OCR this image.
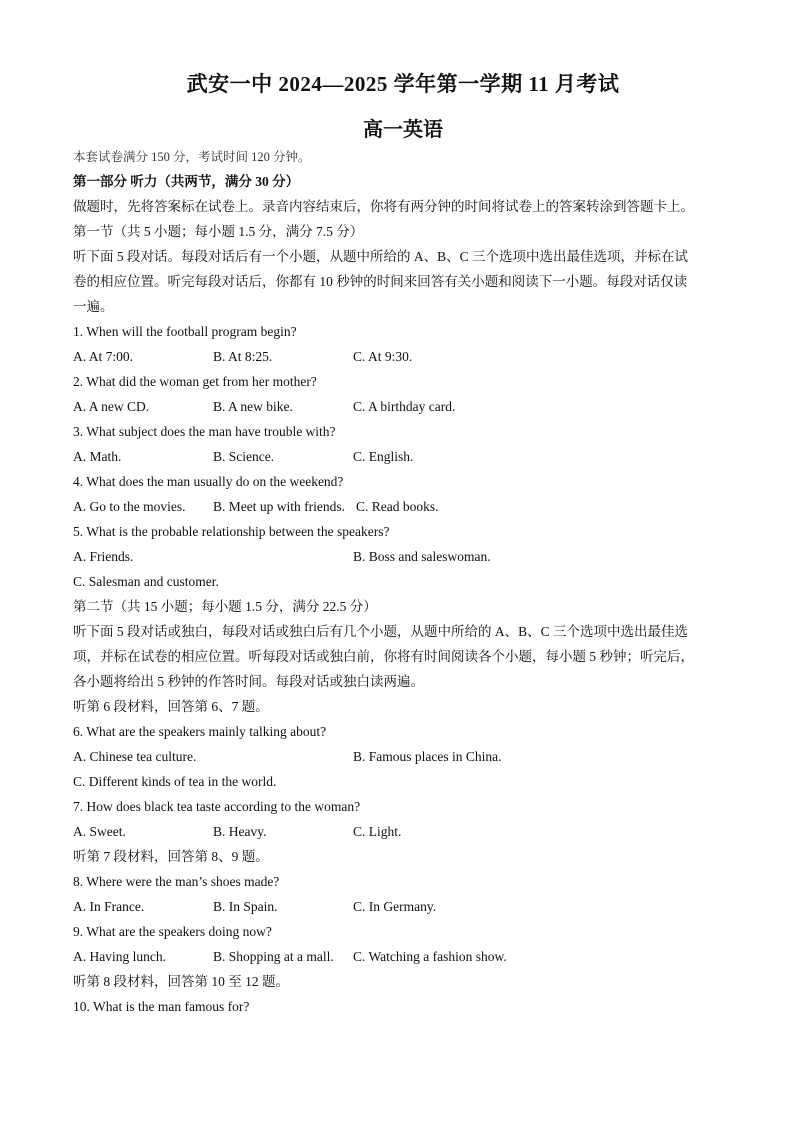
武安一中 2024—2025 学年第一学期 11 月考试
高一英语
本套试卷满分 150 分，考试时间 120 分钟。
第一部分 听力（共两节，满分 30 分）
做题时，先将答案标在试卷上。录音内容结束后，你将有两分钟的时间将试卷上的答案转涂到答题卡上。
第一节（共 5 小题；每小题 1.5 分，满分 7.5 分）
听下面 5 段对话。每段对话后有一个小题，从题中所给的 A、B、C 三个选项中选出最佳选项，并标在试
卷的相应位置。听完每段对话后，你都有 10 秒钟的时间来回答有关小题和阅读下一小题。每段对话仅读
一遍。
1. When will the football program begin?
A. At 7:00.	B. At 8:25.	C. At 9:30.
2. What did the woman get from her mother?
A. A new CD.	B. A new bike.	C. A birthday card.
3. What subject does the man have trouble with?
A. Math.	B. Science.	C. English.
4. What does the man usually do on the weekend?
A. Go to the movies. B. Meet up with friends. C. Read books.
5. What is the probable relationship between the speakers?
A. Friends.	B. Boss and saleswoman.
C. Salesman and customer.
第二节（共 15 小题；每小题 1.5 分，满分 22.5 分）
听下面 5 段对话或独白，每段对话或独白后有几个小题，从题中所给的 A、B、C 三个选项中选出最佳选
项，并标在试卷的相应位置。听每段对话或独白前，你将有时间阅读各个小题，每小题 5 秒钟；听完后，
各小题将给出 5 秒钟的作答时间。每段对话或独白读两遍。
听第 6 段材料，回答第 6、7 题。
6. What are the speakers mainly talking about?
A. Chinese tea culture.	B. Famous places in China.
C. Different kinds of tea in the world.
7. How does black tea taste according to the woman?
A. Sweet.	B. Heavy.	C. Light.
听第 7 段材料，回答第 8、9 题。
8. Where were the man’s shoes made?
A. In France.	B. In Spain.	C. In Germany.
9. What are the speakers doing now?
A. Having lunch.	B. Shopping at a mall. C. Watching a fashion show.
听第 8 段材料，回答第 10 至 12 题。
10. What is the man famous for?
